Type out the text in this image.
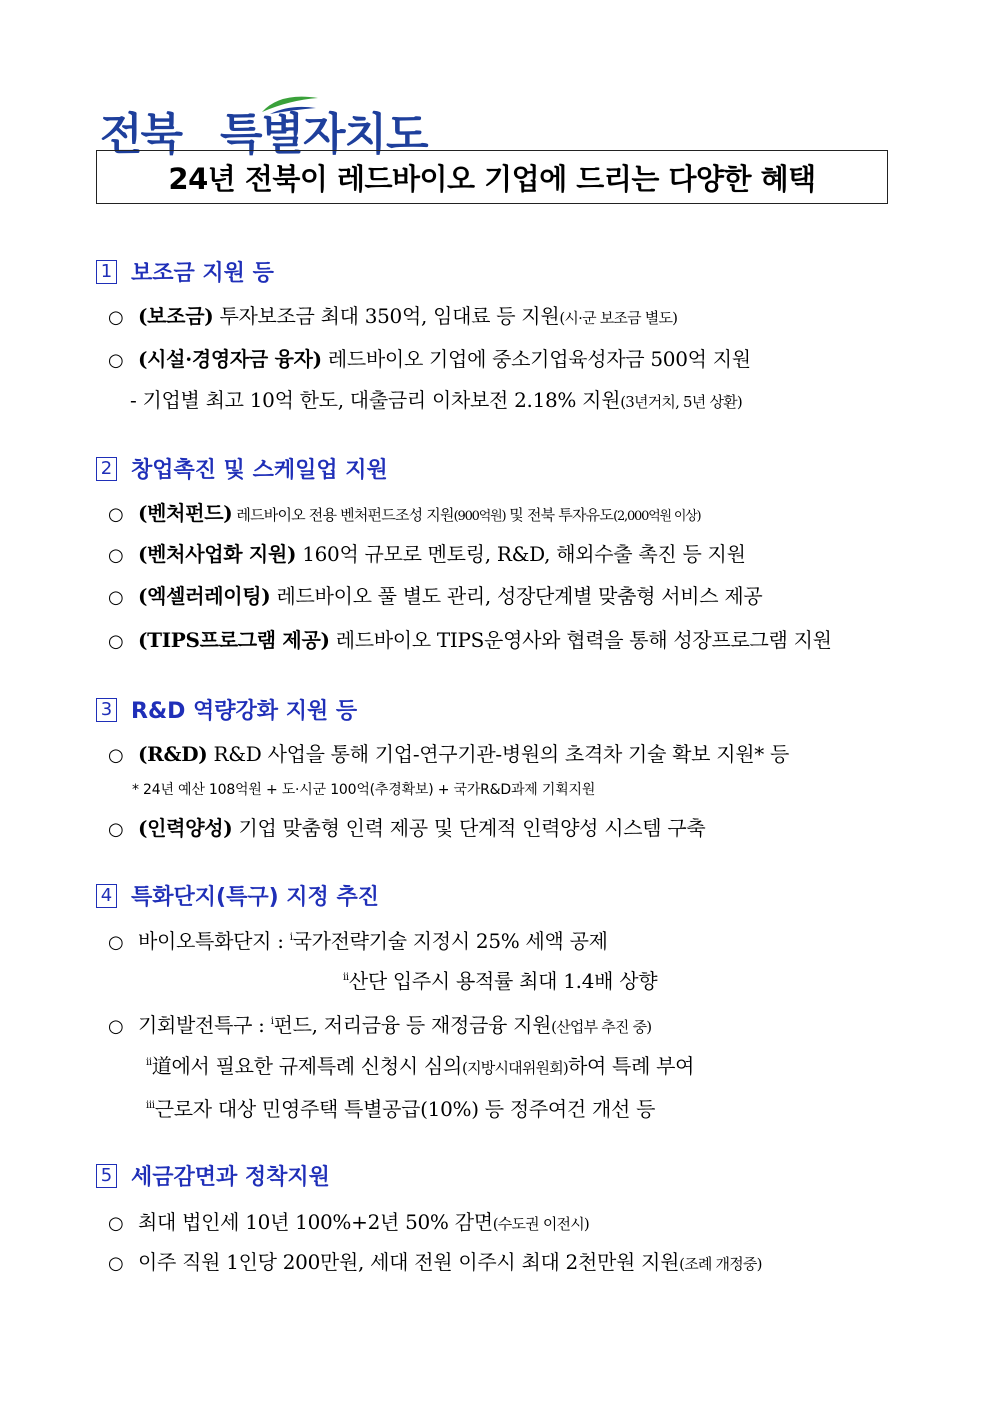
전북 특별자치도
24년 전북이 레드바이오 기업에 드리는 다양한 혜택
1 보조금 지원 등
○ (보조금) 투자보조금 최대 350억, 임대료 등 지원(시·군 보조금 별도)
○ (시설·경영자금 융자) 레드바이오 기업에 중소기업육성자금 500억 지원
- 기업별 최고 10억 한도, 대출금리 이차보전 2.18% 지원(3년거치, 5년 상환)
2 창업촉진 및 스케일업 지원
○ (벤처펀드) 레드바이오 전용 벤처펀드조성 지원(900억원) 및 전북 투자유도(2,000억원 이상)
○ (벤처사업화 지원) 160억 규모로 멘토링, R&D, 해외수출 촉진 등 지원
○ (엑셀러레이팅) 레드바이오 풀 별도 관리, 성장단계별 맞춤형 서비스 제공
○ (TIPS프로그램 제공) 레드바이오 TIPS운영사와 협력을 통해 성장프로그램 지원
3 R&D 역량강화 지원 등
○ (R&D) R&D 사업을 통해 기업-연구기관-병원의 초격차 기술 확보 지원* 등
* 24년 예산 108억원 + 도·시군 100억(추경확보) + 국가R&D과제 기획지원
○ (인력양성) 기업 맞춤형 인력 제공 및 단계적 인력양성 시스템 구축
4 특화단지(특구) 지정 추진
○ 바이오특화단지 : $^i$국가전략기술 지정시 25% 세액 공제
$^{ii}$산단 입주시 용적률 최대 1.4배 상향
○ 기회발전특구 : $^i$펀드, 저리금융 등 재정금융 지원(산업부 추진 중)
$^{ii}$道에서 필요한 규제특례 신청시 심의(지방시대위원회)하여 특례 부여
$^{iii}$근로자 대상 민영주택 특별공급(10%) 등 정주여건 개선 등
5 세금감면과 정착지원
○ 최대 법인세 10년 100%+2년 50% 감면(수도권 이전시)
○ 이주 직원 1인당 200만원, 세대 전원 이주시 최대 2천만원 지원(조례 개정중)
